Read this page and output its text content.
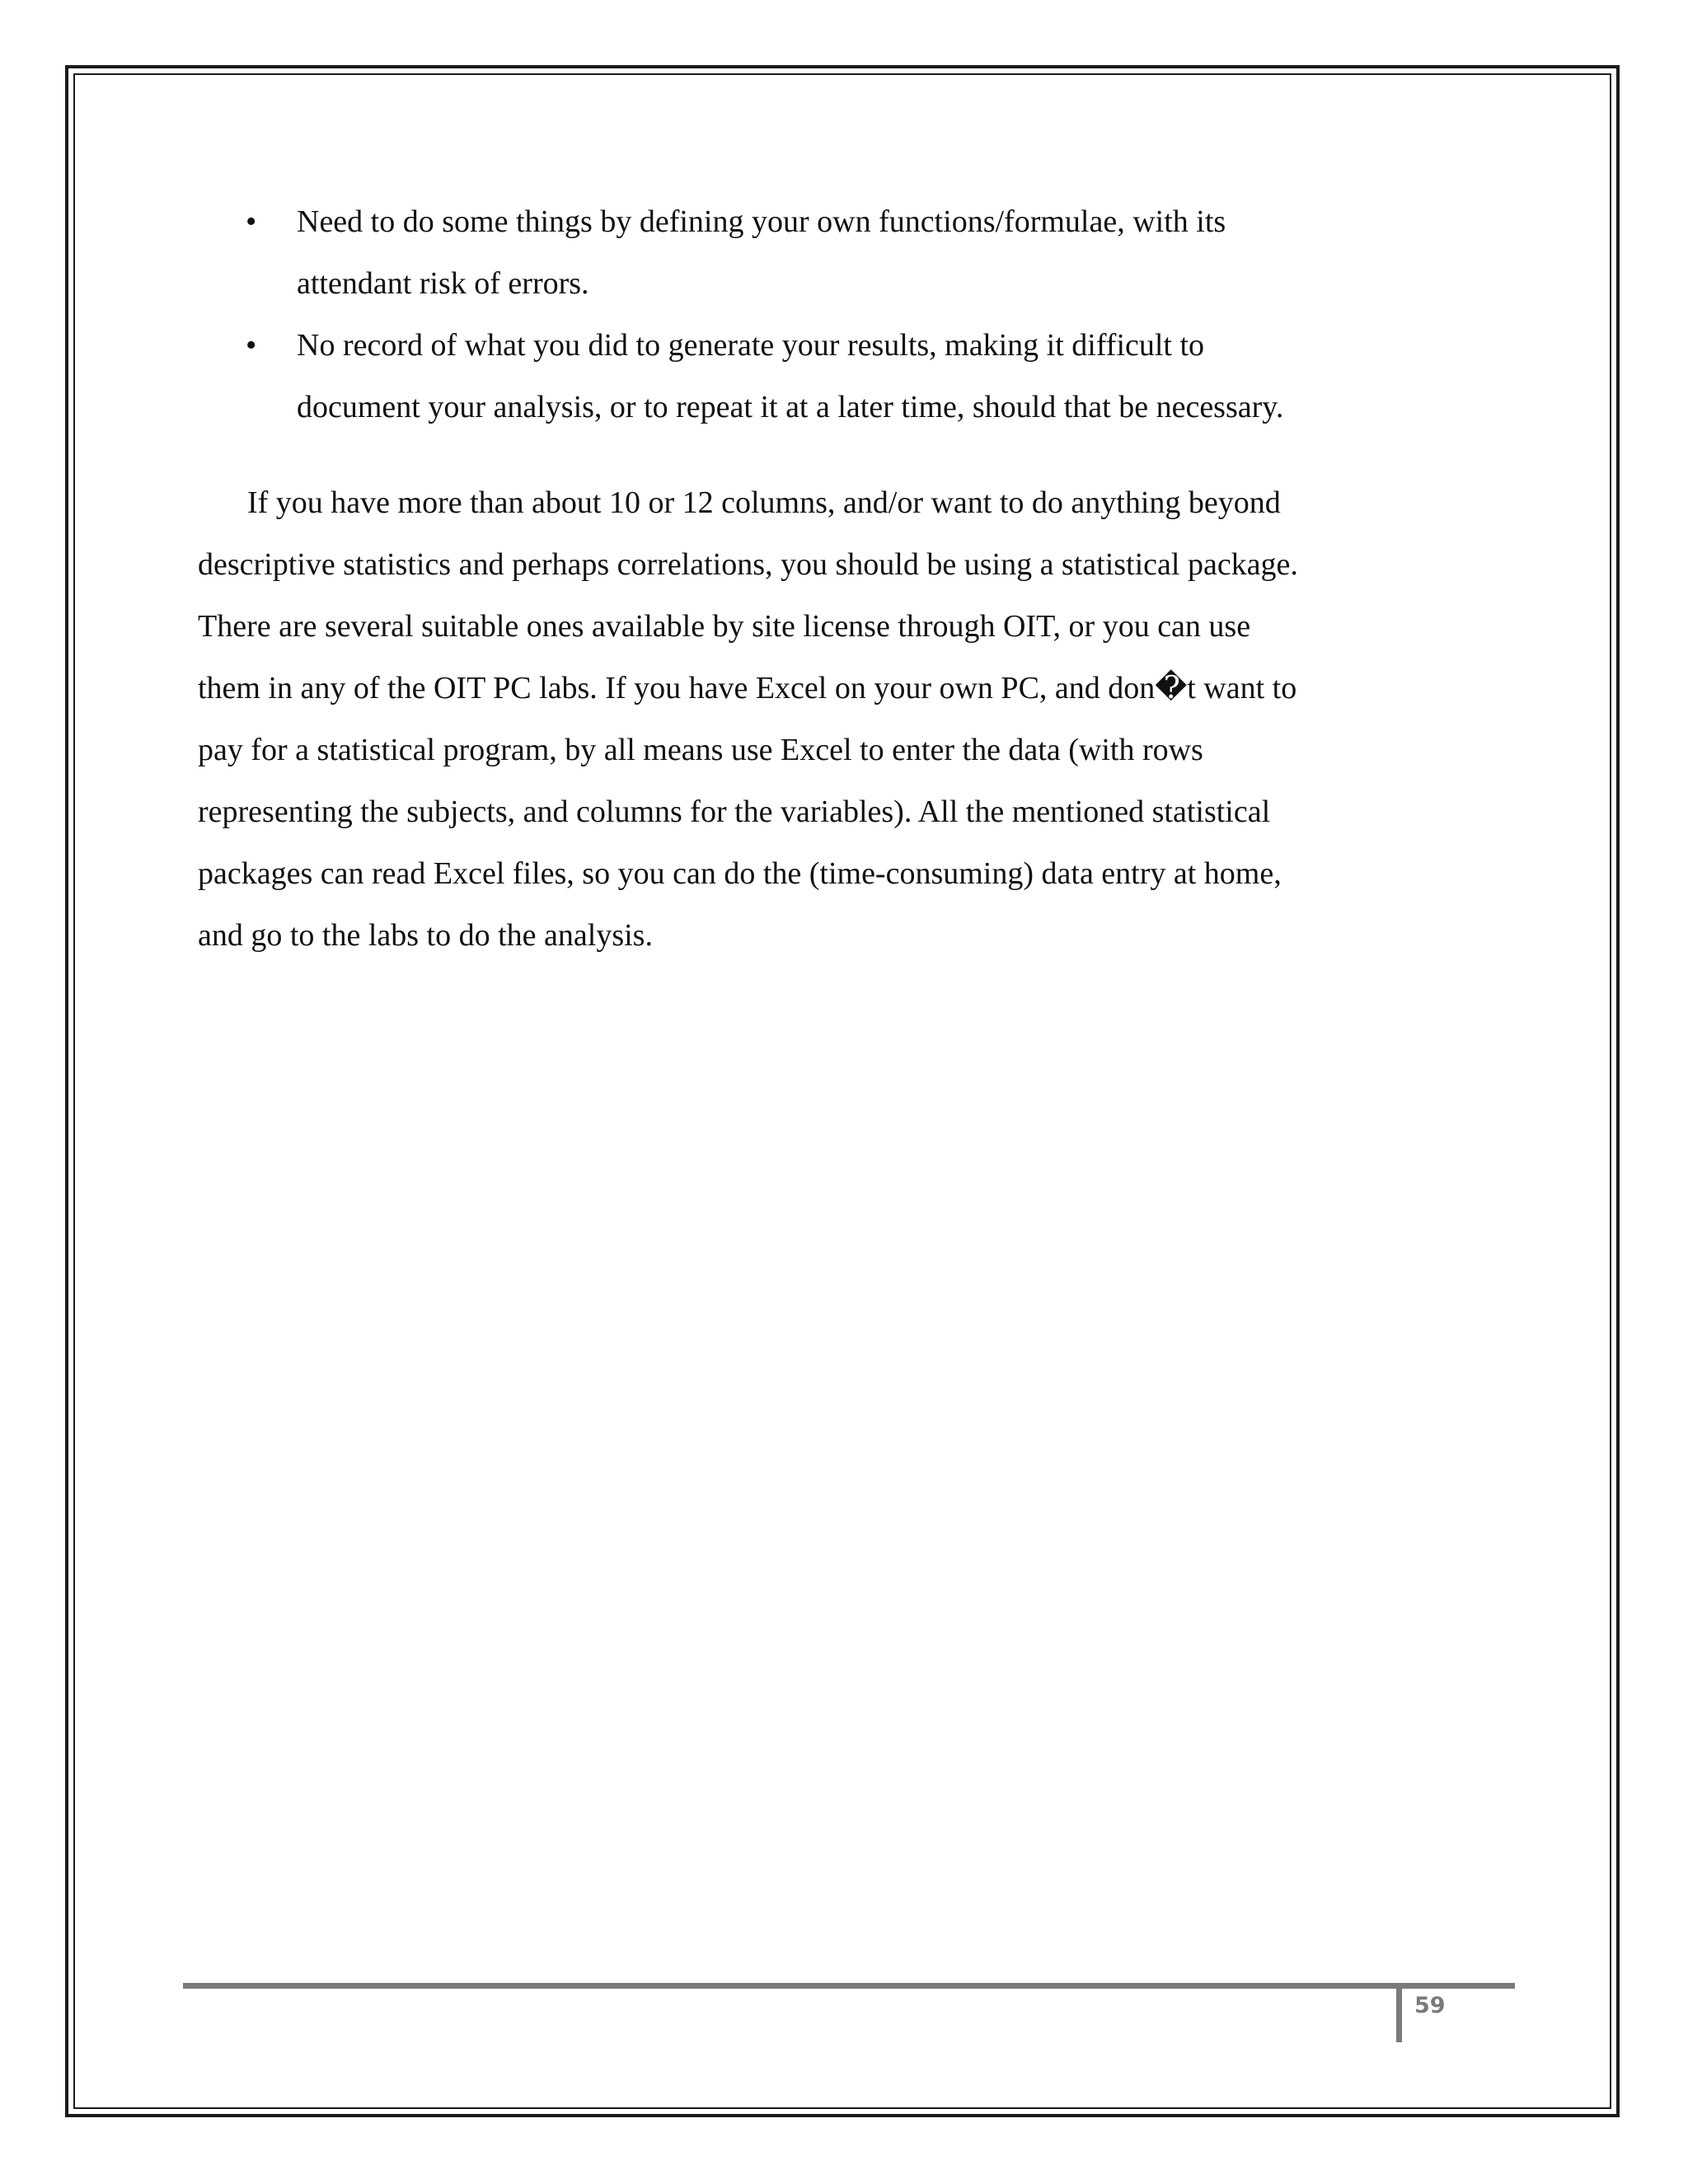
• Need to do some things by defining your own functions/formulae, with its
attendant risk of errors.
• No record of what you did to generate your results, making it difficult to
document your analysis, or to repeat it at a later time, should that be necessary.
If you have more than about 10 or 12 columns, and/or want to do anything beyond
descriptive statistics and perhaps correlations, you should be using a statistical package.
There are several suitable ones available by site license through OIT, or you can use
them in any of the OIT PC labs. If you have Excel on your own PC, and don�t want to
pay for a statistical program, by all means use Excel to enter the data (with rows
representing the subjects, and columns for the variables). All the mentioned statistical
packages can read Excel files, so you can do the (time-consuming) data entry at home,
and go to the labs to do the analysis.
59
